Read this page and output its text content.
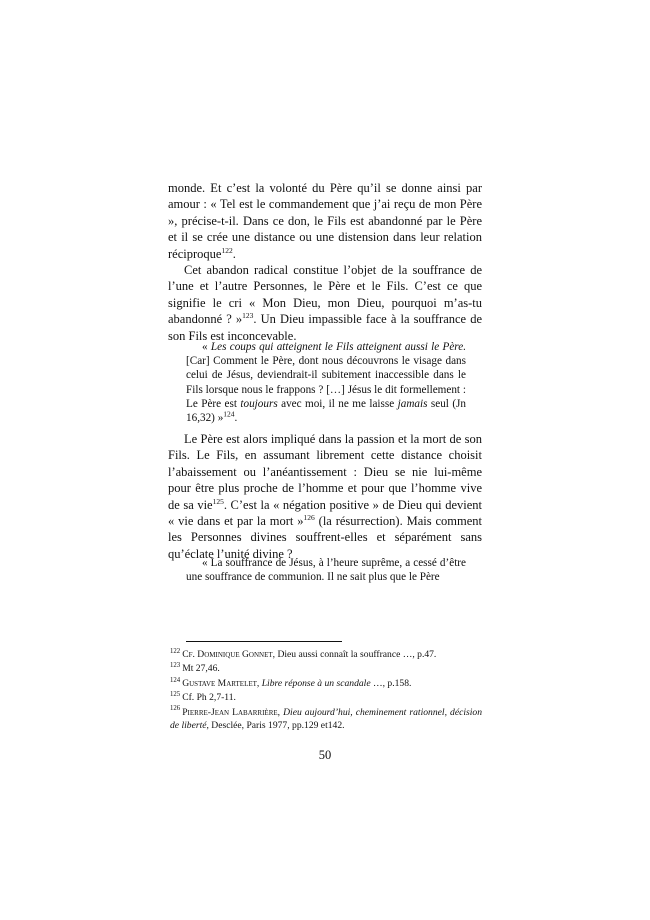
monde. Et c’est la volonté du Père qu’il se donne ainsi par amour : « Tel est le commandement que j’ai reçu de mon Père », précise-t-il. Dans ce don, le Fils est abandonné par le Père et il se crée une distance ou une distension dans leur relation réciproque$^{122}$.

Cet abandon radical constitue l’objet de la souffrance de l’une et l’autre Personnes, le Père et le Fils. C’est ce que signifie le cri « Mon Dieu, mon Dieu, pourquoi m’as-tu abandonné ? »$^{123}$. Un Dieu impassible face à la souffrance de son Fils est inconcevable.

« Les coups qui atteignent le Fils atteignent aussi le Père. [Car] Comment le Père, dont nous découvrons le visage dans celui de Jésus, deviendrait-il subitement inaccessible dans le Fils lorsque nous le frappons ? […] Jésus le dit formellement : Le Père est toujours avec moi, il ne me laisse jamais seul (Jn 16,32) »$^{124}$.

Le Père est alors impliqué dans la passion et la mort de son Fils. Le Fils, en assumant librement cette distance choisit l’abaissement ou l’anéantissement : Dieu se nie lui-même pour être plus proche de l’homme et pour que l’homme vive de sa vie$^{125}$. C’est la « négation positive » de Dieu qui devient « vie dans et par la mort »$^{126}$ (la résurrection). Mais comment les Personnes divines souffrent-elles et séparément sans qu’éclate l’unité divine ?

« La souffrance de Jésus, à l’heure suprême, a cessé d’être une souffrance de communion. Il ne sait plus que le Père

$^{122}$ Cf. Dominique Gonnet, Dieu aussi connaît la souffrance …, p.47.

$^{123}$ Mt 27,46.

$^{124}$ Gustave Martelet, Libre réponse à un scandale …, p.158.

$^{125}$ Cf. Ph 2,7-11.

$^{126}$ Pierre-Jean Labarrière, Dieu aujourd’hui, cheminement rationnel, décision de liberté, Desclée, Paris 1977, pp.129 et142.

50
